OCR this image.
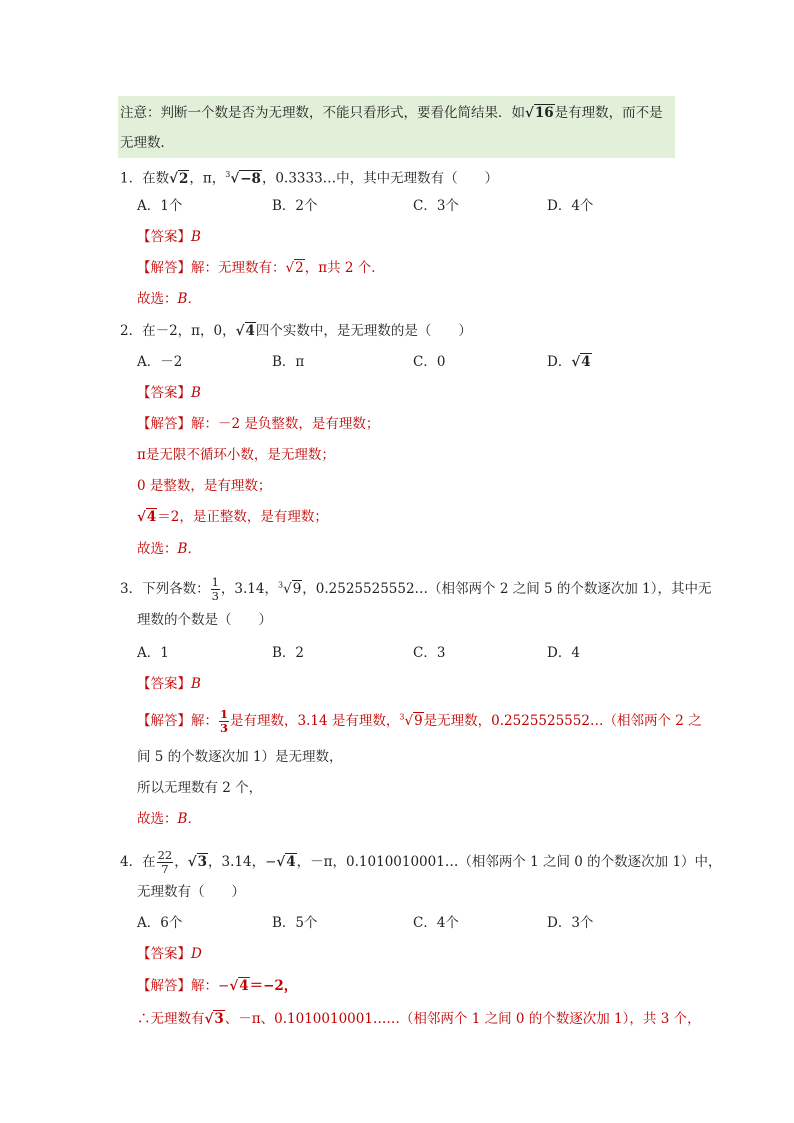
注意：判断一个数是否为无理数，不能只看形式，要看化简结果．如√16是有理数，而不是
无理数．
1．在数√2，π，$^3$√−8，0.3333…中，其中无理数有（　　）
A．1个	B．2个	C．3个	D．4个
【答案】B
【解答】解：无理数有：√2，π共 2 个．
故选：B．
2．在－2，π，0，√4四个实数中，是无理数的是（　　）
A．－2	B．π	C．0	D．√4
【答案】B
【解答】解：－2 是负整数，是有理数；
π是无限不循环小数，是无理数；
0 是整数，是有理数；
√4＝2，是正整数，是有理数；
故选：B．
3．下列各数： $\frac{1}{3}$ ，3.14，$^3$√9，0.2525525552…（相邻两个 2 之间 5 的个数逐次加 1），其中无
理数的个数是（　　）
A．1	B．2	C．3	D．4
【答案】B
【解答】解： $\frac{1}{3}$ 是有理数，3.14 是有理数，$^3$√9是无理数，0.2525525552…（相邻两个 2 之
间 5 的个数逐次加 1）是无理数，
所以无理数有 2 个，
故选：B．
4．在 $\frac{22}{7}$ ，√3，3.14，−√4，－π，0.1010010001…（相邻两个 1 之间 0 的个数逐次加 1）中，
无理数有（　　）
A．6个	B．5个	C．4个	D．3个
【答案】D
【解答】解：−√4＝−2，
∴无理数有√3、－π、0.1010010001……（相邻两个 1 之间 0 的个数逐次加 1），共 3 个，
